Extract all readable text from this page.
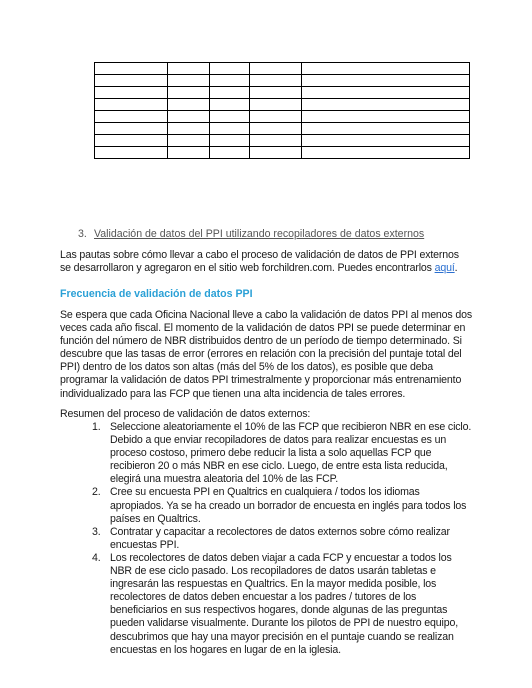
3. Validación de datos del PPI utilizando recopiladores de datos externos

Las pautas sobre cómo llevar a cabo el proceso de validación de datos de PPI externos se desarrollaron y agregaron en el sitio web forchildren.com. Puedes encontrarlos aquí.

Frecuencia de validación de datos PPI

Se espera que cada Oficina Nacional lleve a cabo la validación de datos PPI al menos dos veces cada año fiscal. El momento de la validación de datos PPI se puede determinar en función del número de NBR distribuidos dentro de un período de tiempo determinado. Si descubre que las tasas de error (errores en relación con la precisión del puntaje total del PPI) dentro de los datos son altas (más del 5% de los datos), es posible que deba programar la validación de datos PPI trimestralmente y proporcionar más entrenamiento individualizado para las FCP que tienen una alta incidencia de tales errores.

Resumen del proceso de validación de datos externos:

1. Seleccione aleatoriamente el 10% de las FCP que recibieron NBR en ese ciclo. Debido a que enviar recopiladores de datos para realizar encuestas es un proceso costoso, primero debe reducir la lista a solo aquellas FCP que recibieron 20 o más NBR en ese ciclo. Luego, de entre esta lista reducida, elegirá una muestra aleatoria del 10% de las FCP.
2. Cree su encuesta PPI en Qualtrics en cualquiera / todos los idiomas apropiados. Ya se ha creado un borrador de encuesta en inglés para todos los países en Qualtrics.
3. Contratar y capacitar a recolectores de datos externos sobre cómo realizar encuestas PPI.
4. Los recolectores de datos deben viajar a cada FCP y encuestar a todos los NBR de ese ciclo pasado. Los recopiladores de datos usarán tabletas e ingresarán las respuestas en Qualtrics. En la mayor medida posible, los recolectores de datos deben encuestar a los padres / tutores de los beneficiarios en sus respectivos hogares, donde algunas de las preguntas pueden validarse visualmente. Durante los pilotos de PPI de nuestro equipo, descubrimos que hay una mayor precisión en el puntaje cuando se realizan encuestas en los hogares en lugar de en la iglesia.
